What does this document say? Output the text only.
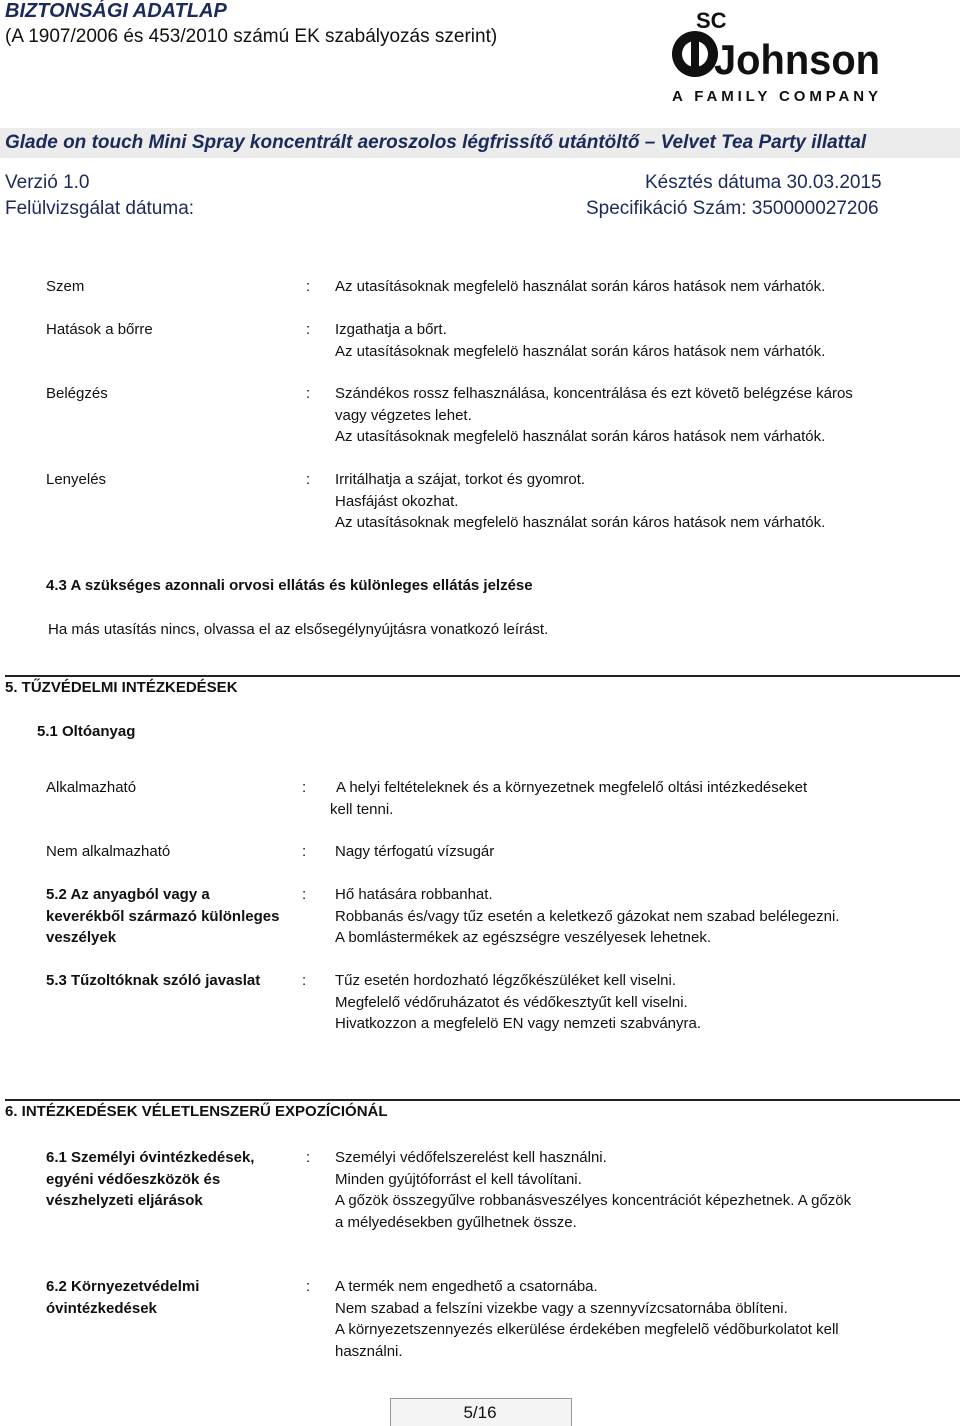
BIZTONSÁGI ADATLAP
(A 1907/2006 és 453/2010 számú EK szabályozás szerint)
SC
Johnson
A FAMILY COMPANY
Glade on touch Mini Spray koncentrált aeroszolos légfrissítő utántöltő – Velvet Tea Party illattal
Verzió 1.0	Késztés dátuma 30.03.2015
Felülvizsgálat dátuma:	Specifikáció Szám: 350000027206
Szem	: Az utasításoknak megfelelö használat során káros hatások nem várhatók.
Hatások a bőrre	: Izgathatja a bőrt.
Az utasításoknak megfelelö használat során káros hatások nem várhatók.
Belégzés	: Szándékos rossz felhasználása, koncentrálása és ezt követõ belégzése káros
vagy végzetes lehet.
Az utasításoknak megfelelö használat során káros hatások nem várhatók.
Lenyelés	: Irritálhatja a szájat, torkot és gyomrot.
Hasfájást okozhat.
Az utasításoknak megfelelö használat során káros hatások nem várhatók.
4.3 A szükséges azonnali orvosi ellátás és különleges ellátás jelzése
Ha más utasítás nincs, olvassa el az elsősegélynyújtásra vonatkozó leírást.
5. TŰZVÉDELMI INTÉZKEDÉSEK
5.1 Oltóanyag
Alkalmazható	:	A helyi feltételeknek és a környezetnek megfelelő oltási intézkedéseket
kell tenni.
Nem alkalmazható	: Nagy térfogatú vízsugár
5.2 Az anyagból vagy a
keverékből származó különleges
veszélyek
: Hő hatására robbanhat.
Robbanás és/vagy tűz esetén a keletkező gázokat nem szabad belélegezni.
A bomlástermékek az egészségre veszélyesek lehetnek.
5.3 Tűzoltóknak szóló javaslat	: Tűz esetén hordozható légzőkészüléket kell viselni.
Megfelelő védőruházatot és védőkesztyűt kell viselni.
Hivatkozzon a megfelelö EN vagy nemzeti szabványra.
6. INTÉZKEDÉSEK VÉLETLENSZERŰ EXPOZÍCIÓNÁL
6.1 Személyi óvintézkedések,
egyéni védőeszközök és
vészhelyzeti eljárások
: Személyi védőfelszerelést kell használni.
Minden gyújtóforrást el kell távolítani.
A gőzök összegyűlve robbanásveszélyes koncentrációt képezhetnek. A gőzök
a mélyedésekben gyűlhetnek össze.
6.2 Környezetvédelmi
óvintézkedések
: A termék nem engedhető a csatornába.
Nem szabad a felszíni vizekbe vagy a szennyvízcsatornába öblíteni.
A környezetszennyezés elkerülése érdekében megfelelõ védõburkolatot kell
használni.
5/16
